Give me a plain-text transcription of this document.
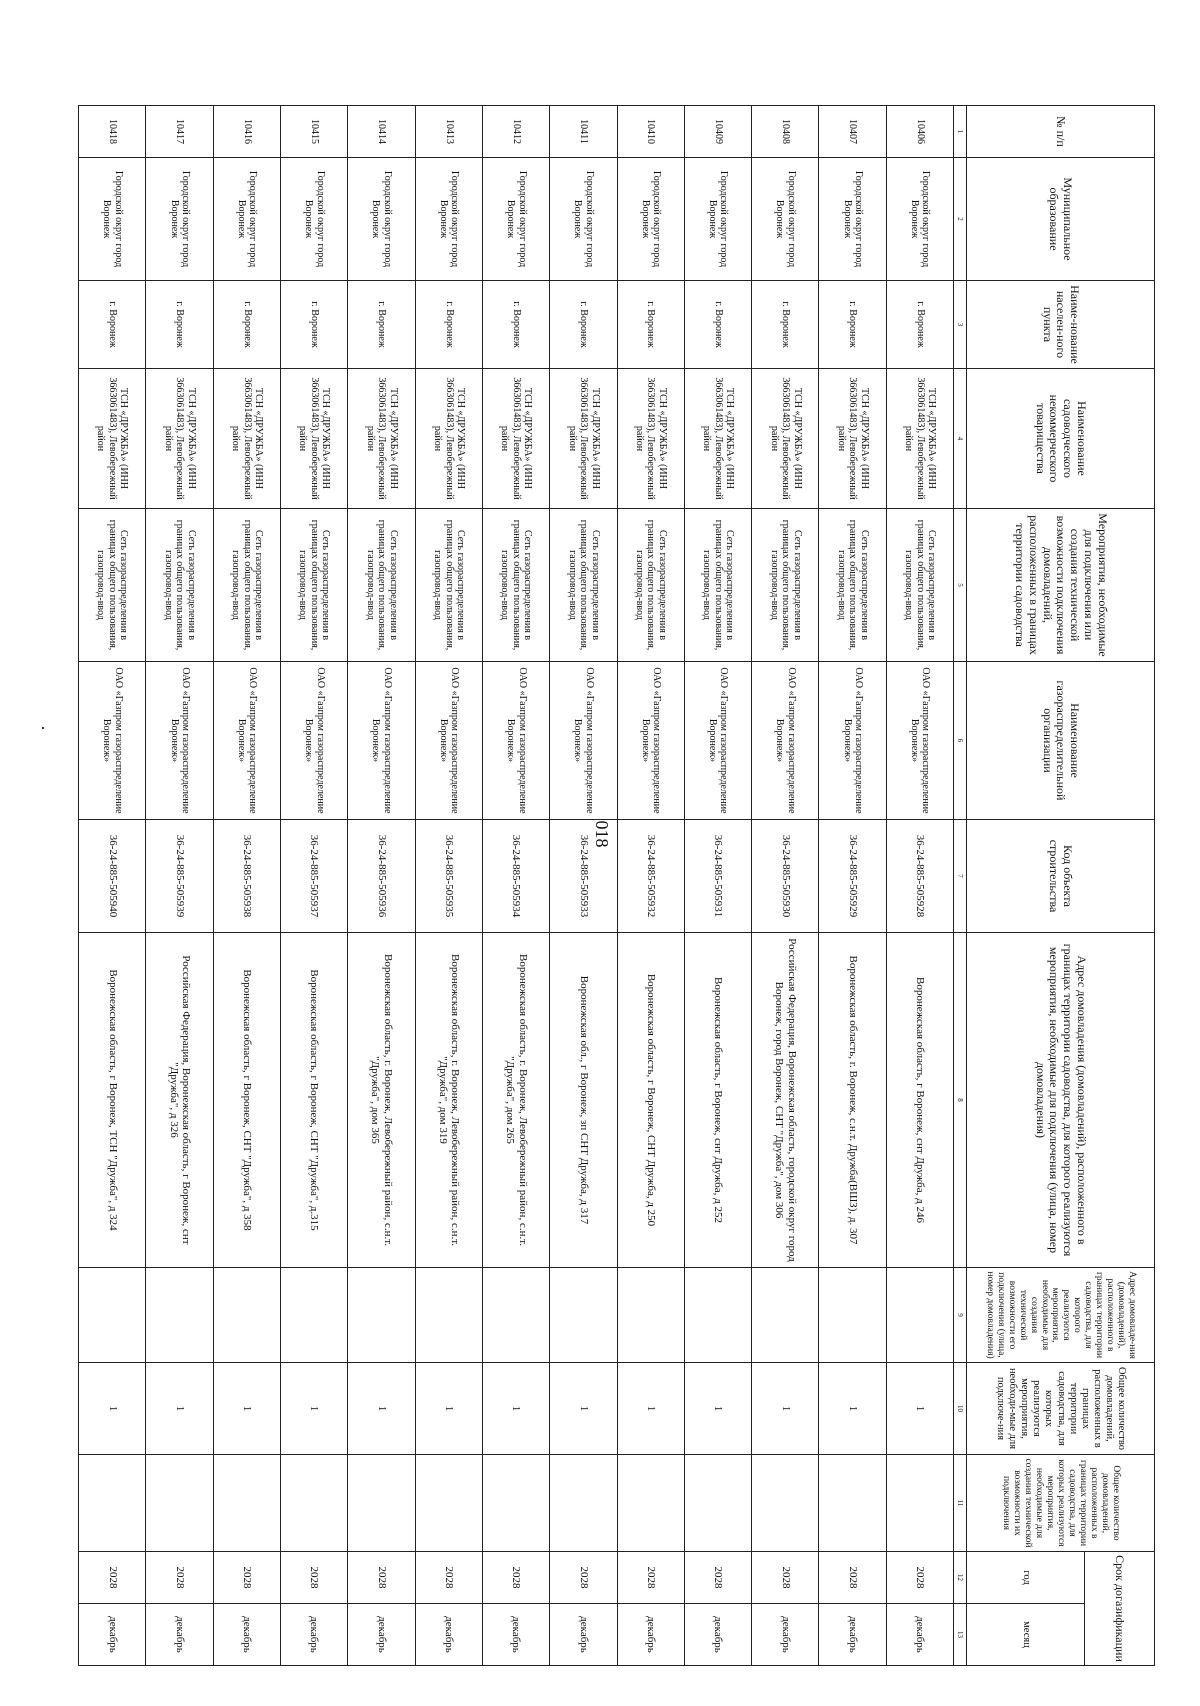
018
№ п/п	Муниципальное образование	Наиме-нование населен-ного пункта	Наименование садоводческого некоммерческого товарищества	Мероприятия, необходимые для подключения или создания технической возможности подключения домовладений, расположенных в границах территории садоводства	Наименование газораспределительной организации	Код объекта строительства	Адрес домовладения (домовладений), расположенного в границах территории садоводства, для которого реализуются мероприятия, необходимые для подключения (улица, номер домовладения)	Адрес домовладе-ния (домовладений), расположенного в границах территории садоводства, для которого реализуются мероприятия, необходимые для создания технической возможности его подключения (улица, номер домовладения)	Общее количество домовладений, расположенных в границах территории садоводства, для которых реализуются мероприятия, необходи-мые для подключе-ния	Общее количество домовладений, расположенных в границах территории садоводства, для которых реализуются мероприятия, необходимые для создания технической возможности их подключения	Срок догазификации	
											год	месяц
1	2	3	4	5	6	7	8	9	10	11	12	13
10406	Городской округ город Воронеж	г. Воронеж	ТСН «ДРУЖБА» (ИНН 3663061483), Левобережный район	Сеть газораспределения в границах общего пользования, газопровод-ввод	ОАО «Газпром газораспределение Воронеж»	36-24-885-505928	Воронежская область, г Воронеж, снт Дружба, д 246		1		2028	декабрь
10407	Городской округ город Воронеж	г. Воронеж	ТСН «ДРУЖБА» (ИНН 3663061483), Левобережный район	Сеть газораспределения в границах общего пользования, газопровод-ввод	ОАО «Газпром газораспределение Воронеж»	36-24-885-505929	Воронежская область, г. Воронеж, с.н.т. Дружба(ВШЗ), д. 307		1		2028	декабрь
10408	Городской округ город Воронеж	г. Воронеж	ТСН «ДРУЖБА» (ИНН 3663061483), Левобережный район	Сеть газораспределения в границах общего пользования, газопровод-ввод	ОАО «Газпром газораспределение Воронеж»	36-24-885-505930	Российская Федерация, Воронежская область, городской округ город Воронеж, город Воронеж, СНТ "Дружба", дом 306		1		2028	декабрь
10409	Городской округ город Воронеж	г. Воронеж	ТСН «ДРУЖБА» (ИНН 3663061483), Левобережный район	Сеть газораспределения в границах общего пользования, газопровод-ввод	ОАО «Газпром газораспределение Воронеж»	36-24-885-505931	Воронежская область, г Воронеж, снт Дружба, д 252		1		2028	декабрь
10410	Городской округ город Воронеж	г. Воронеж	ТСН «ДРУЖБА» (ИНН 3663061483), Левобережный район	Сеть газораспределения в границах общего пользования, газопровод-ввод	ОАО «Газпром газораспределение Воронеж»	36-24-885-505932	Воронежская область, г Воронеж, СНТ Дружба, д 250		1		2028	декабрь
10411	Городской округ город Воронеж	г. Воронеж	ТСН «ДРУЖБА» (ИНН 3663061483), Левобережный район	Сеть газораспределения в границах общего пользования, газопровод-ввод	ОАО «Газпром газораспределение Воронеж»	36-24-885-505933	Воронежская обл., г Воронеж, зп СНТ Дружба, д 317		1		2028	декабрь
10412	Городской округ город Воронеж	г. Воронеж	ТСН «ДРУЖБА» (ИНН 3663061483), Левобережный район	Сеть газораспределения в границах общего пользования, газопровод-ввод	ОАО «Газпром газораспределение Воронеж»	36-24-885-505934	Воронежская область, г. Воронеж, Левобережный район, с.н.т. "Дружба", дом 265		1		2028	декабрь
10413	Городской округ город Воронеж	г. Воронеж	ТСН «ДРУЖБА» (ИНН 3663061483), Левобережный район	Сеть газораспределения в границах общего пользования, газопровод-ввод	ОАО «Газпром газораспределение Воронеж»	36-24-885-505935	Воронежская область, г. Воронеж, Левобережный район, с.н.т. "Дружба", дом 319		1		2028	декабрь
10414	Городской округ город Воронеж	г. Воронеж	ТСН «ДРУЖБА» (ИНН 3663061483), Левобережный район	Сеть газораспределения в границах общего пользования, газопровод-ввод	ОАО «Газпром газораспределение Воронеж»	36-24-885-505936	Воронежская область, г. Воронеж, Левобережный район, с.н.т. "Дружба", дом 365		1		2028	декабрь
10415	Городской округ город Воронеж	г. Воронеж	ТСН «ДРУЖБА» (ИНН 3663061483), Левобережный район	Сеть газораспределения в границах общего пользования, газопровод-ввод	ОАО «Газпром газораспределение Воронеж»	36-24-885-505937	Воронежская область, г Воронеж, СНТ "Дружба", д.315		1		2028	декабрь
10416	Городской округ город Воронеж	г. Воронеж	ТСН «ДРУЖБА» (ИНН 3663061483), Левобережный район	Сеть газораспределения в границах общего пользования, газопровод-ввод	ОАО «Газпром газораспределение Воронеж»	36-24-885-505938	Воронежская область, г Воронеж, СНТ "Дружба", д 358		1		2028	декабрь
10417	Городской округ город Воронеж	г. Воронеж	ТСН «ДРУЖБА» (ИНН 3663061483), Левобережный район	Сеть газораспределения в границах общего пользования, газопровод-ввод	ОАО «Газпром газораспределение Воронеж»	36-24-885-505939	Российская Федерация, Воронежская область, г Воронеж, снт "Дружба", д 326		1		2028	декабрь
10418	Городской округ город Воронеж	г. Воронеж	ТСН «ДРУЖБА» (ИНН 3663061483), Левобережный район	Сеть газораспределения в границах общего пользования, газопровод-ввод	ОАО «Газпром газораспределение Воронеж»	36-24-885-505940	Воронежская область, г Воронеж, ТСН "Дружба", д 324		1		2028	декабрь
